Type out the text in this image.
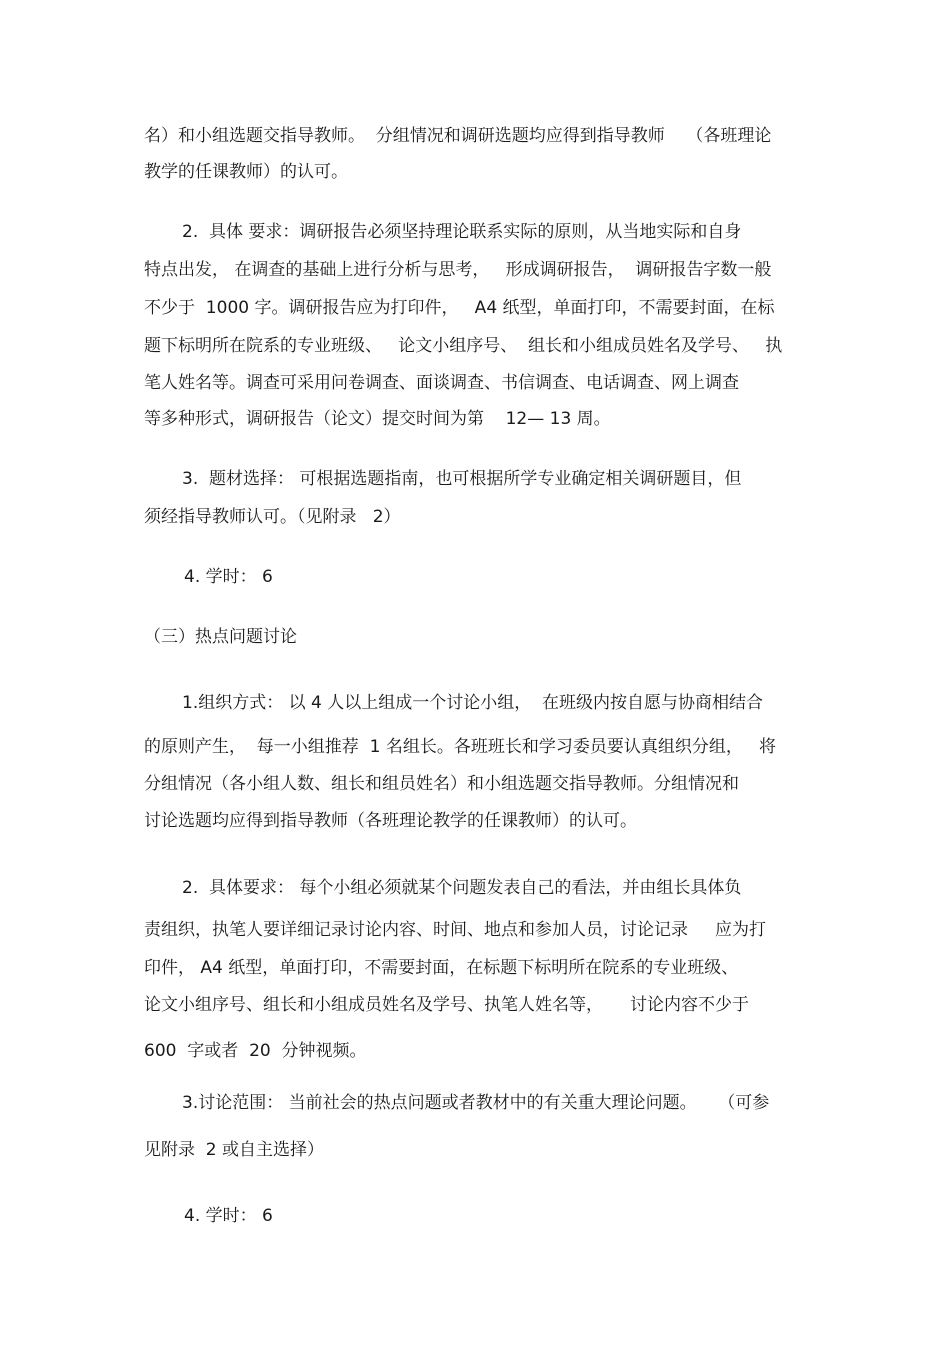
名）和小组选题交指导教师。  分组情况和调研选题均应得到指导教师    （各班理论

教学的任课教师）的认可。

2.  具体 要求：调研报告必须坚持理论联系实际的原则，从当地实际和自身

特点出发， 在调查的基础上进行分析与思考，   形成调研报告，  调研报告字数一般

不少于  1000 字。调研报告应为打印件，   A4 纸型，单面打印，不需要封面，在标

题下标明所在院系的专业班级、   论文小组序号、  组长和小组成员姓名及学号、   执

笔人姓名等。调查可采用问卷调查、面谈调查、书信调查、电话调查、网上调查

等多种形式，调研报告（论文）提交时间为第    12— 13 周。

3.  题材选择： 可根据选题指南，也可根据所学专业确定相关调研题目，但

须经指导教师认可。（见附录   2）

4. 学时： 6

（三）热点问题讨论

1.组织方式： 以 4 人以上组成一个讨论小组，  在班级内按自愿与协商相结合

的原则产生，  每一小组推荐  1 名组长。各班班长和学习委员要认真组织分组，   将

分组情况（各小组人数、组长和组员姓名）和小组选题交指导教师。分组情况和

讨论选题均应得到指导教师（各班理论教学的任课教师）的认可。

2.  具体要求： 每个小组必须就某个问题发表自己的看法，并由组长具体负

责组织，执笔人要详细记录讨论内容、时间、地点和参加人员，讨论记录     应为打

印件， A4 纸型，单面打印，不需要封面，在标题下标明所在院系的专业班级、

论文小组序号、组长和小组成员姓名及学号、执笔人姓名等，     讨论内容不少于

600  字或者  20  分钟视频。

3.讨论范围： 当前社会的热点问题或者教材中的有关重大理论问题。    （可参

见附录  2 或自主选择）

4. 学时： 6
